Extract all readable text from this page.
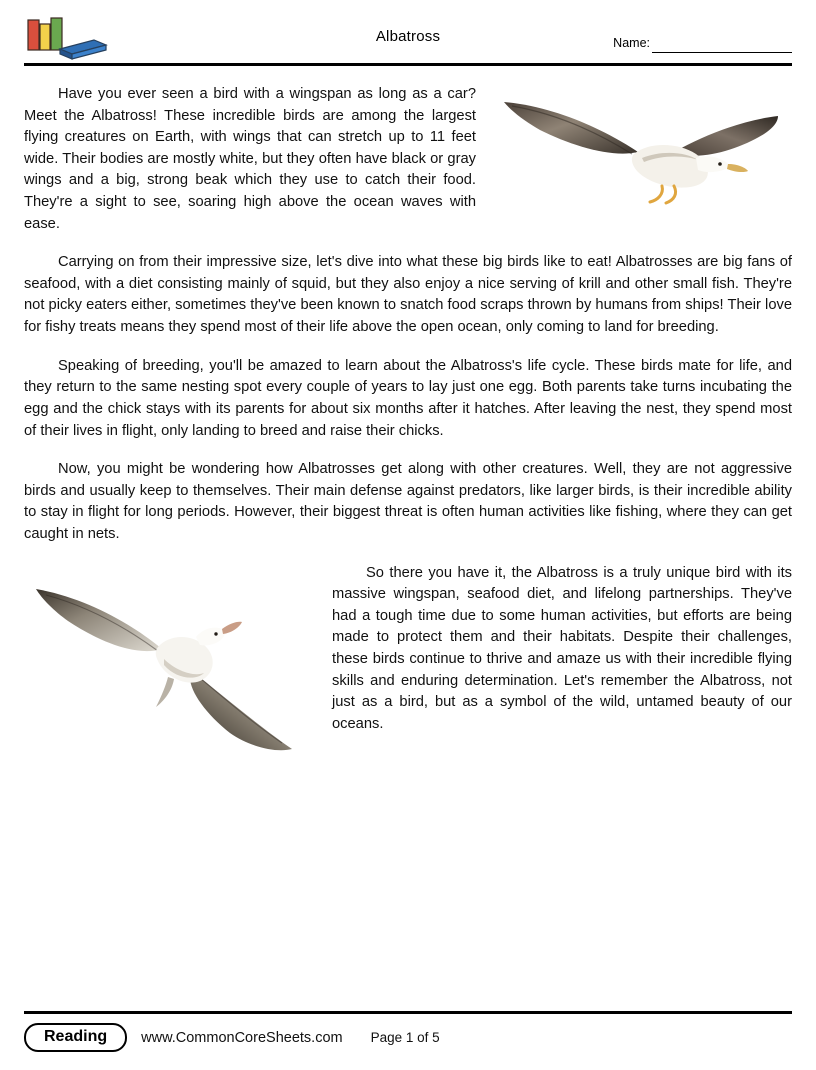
Albatross	Name:

Have you ever seen a bird with a wingspan as long as a car? Meet the Albatross! These incredible birds are among the largest flying creatures on Earth, with wings that can stretch up to 11 feet wide. Their bodies are mostly white, but they often have black or gray wings and a big, strong beak which they use to catch their food. They're a sight to see, soaring high above the ocean waves with ease.

Carrying on from their impressive size, let's dive into what these big birds like to eat! Albatrosses are big fans of seafood, with a diet consisting mainly of squid, but they also enjoy a nice serving of krill and other small fish. They're not picky eaters either, sometimes they've been known to snatch food scraps thrown by humans from ships! Their love for fishy treats means they spend most of their life above the open ocean, only coming to land for breeding.

Speaking of breeding, you'll be amazed to learn about the Albatross's life cycle. These birds mate for life, and they return to the same nesting spot every couple of years to lay just one egg. Both parents take turns incubating the egg and the chick stays with its parents for about six months after it hatches. After leaving the nest, they spend most of their lives in flight, only landing to breed and raise their chicks.

Now, you might be wondering how Albatrosses get along with other creatures. Well, they are not aggressive birds and usually keep to themselves. Their main defense against predators, like larger birds, is their incredible ability to stay in flight for long periods. However, their biggest threat is often human activities like fishing, where they can get caught in nets.

So there you have it, the Albatross is a truly unique bird with its massive wingspan, seafood diet, and lifelong partnerships. They've had a tough time due to some human activities, but efforts are being made to protect them and their habitats. Despite their challenges, these birds continue to thrive and amaze us with their incredible flying skills and enduring determination. Let's remember the Albatross, not just as a bird, but as a symbol of the wild, untamed beauty of our oceans.

Reading	www.CommonCoreSheets.com Page 1 of 5
